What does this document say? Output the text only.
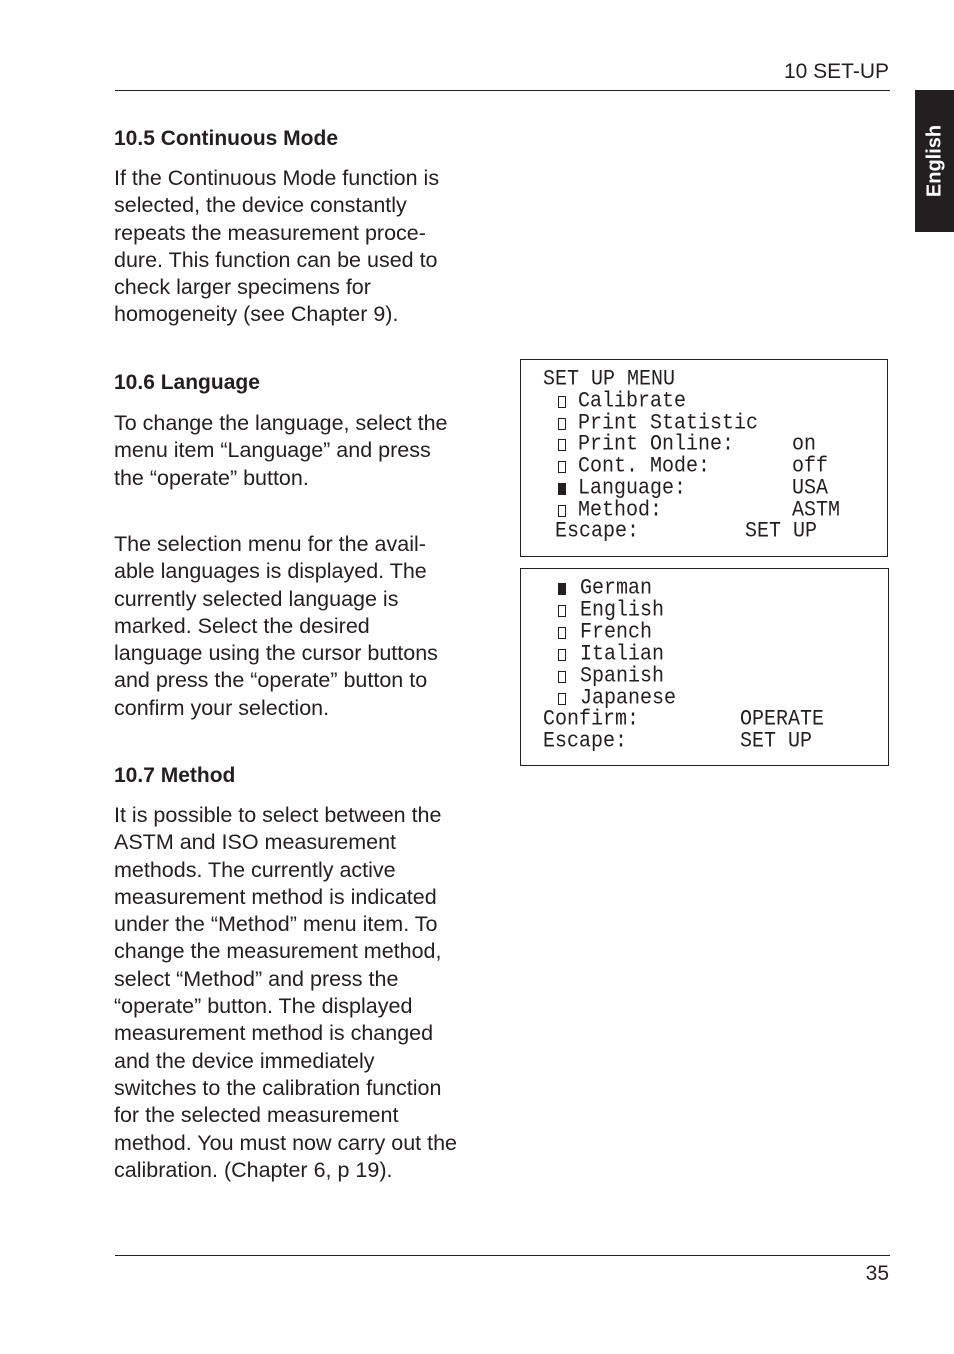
10 SET-UP
English
10.5 Continuous Mode
If the Continuous Mode function is
selected, the device constantly
repeats the measurement proce-
dure. This function can be used to
check larger specimens for
homogeneity (see Chapter 9).
10.6 Language
To change the language, select the
menu item “Language” and press
the “operate” button.
The selection menu for the avail-
able languages is displayed. The
currently selected language is
marked. Select the desired
language using the cursor buttons
and press the “operate” button to
confirm your selection.
10.7 Method
It is possible to select between the
ASTM and ISO measurement
methods. The currently active
measurement method is indicated
under the “Method” menu item. To
change the measurement method,
select “Method” and press the
“operate” button. The displayed
measurement method is changed
and the device immediately
switches to the calibration function
for the selected measurement
method. You must now carry out the
calibration. (Chapter 6, p 19).
SET UP MENU
Calibrate
Print Statistic
Print Online:	on
Cont. Mode:	off
Language:	USA
Method:	ASTM
Escape:	SET UP
German
English
French
Italian
Spanish
Japanese
Confirm:	OPERATE
Escape:	SET UP
35
